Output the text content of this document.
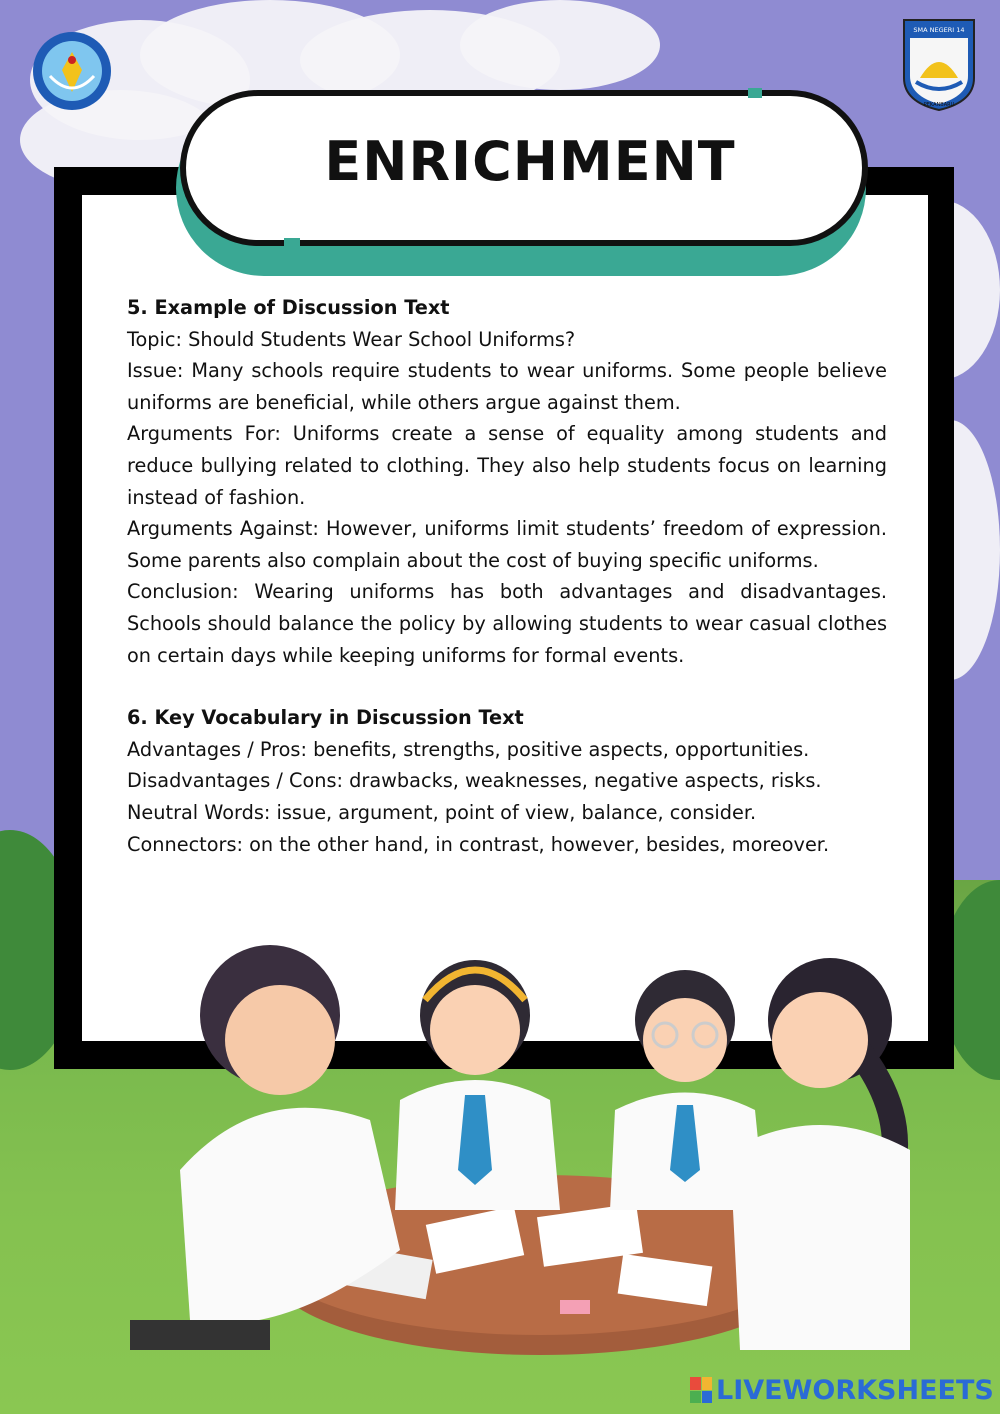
SMA NEGERI 14
PEKANBARU
ENRICHMENT

5. Example of Discussion Text

Topic: Should Students Wear School Uniforms?

Issue: Many schools require students to wear uniforms. Some people believe uniforms are beneficial, while others argue against them.

Arguments For: Uniforms create a sense of equality among students and reduce bullying related to clothing. They also help students focus on learning instead of fashion.

Arguments Against: However, uniforms limit students’ freedom of expression. Some parents also complain about the cost of buying specific uniforms.

Conclusion: Wearing uniforms has both advantages and disadvantages. Schools should balance the policy by allowing students to wear casual clothes on certain days while keeping uniforms for formal events.

6. Key Vocabulary in Discussion Text

Advantages / Pros: benefits, strengths, positive aspects, opportunities.

Disadvantages / Cons: drawbacks, weaknesses, negative aspects, risks.

Neutral Words: issue, argument, point of view, balance, consider.

Connectors: on the other hand, in contrast, however, besides, moreover.

LIVEWORKSHEETS
